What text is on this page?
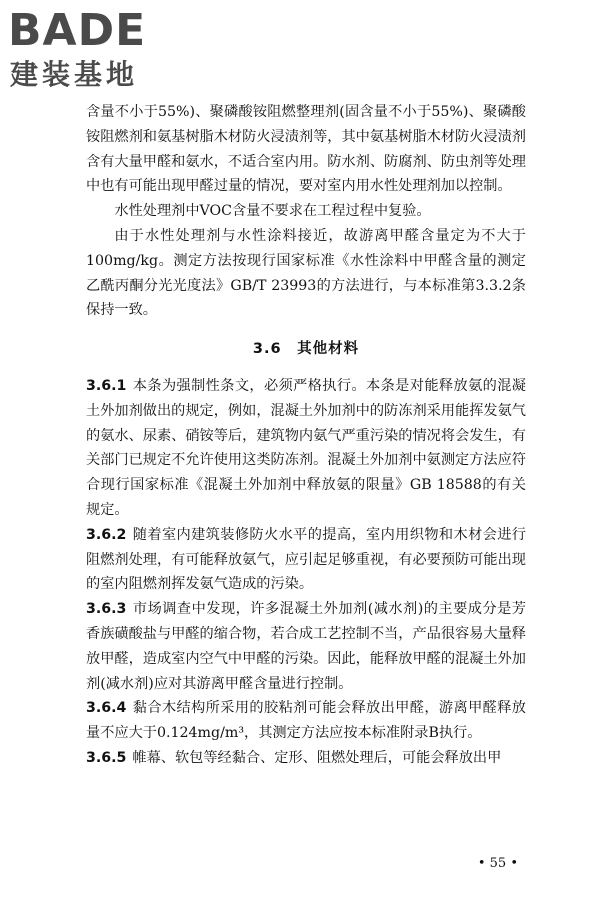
BADE
建装基地

含量不小于55%)、聚磷酸铵阻燃整理剂(固含量不小于55%)、聚磷酸铵阻燃剂和氨基树脂木材防火浸渍剂等，其中氨基树脂木材防火浸渍剂含有大量甲醛和氨水，不适合室内用。防水剂、防腐剂、防虫剂等处理中也有可能出现甲醛过量的情况，要对室内用水性处理剂加以控制。

水性处理剂中VOC含量不要求在工程过程中复验。

由于水性处理剂与水性涂料接近，故游离甲醛含量定为不大于100mg/kg。测定方法按现行国家标准《水性涂料中甲醛含量的测定　乙酰丙酮分光光度法》GB/T 23993的方法进行，与本标准第3.3.2条保持一致。

3.6　其他材料

3.6.1 本条为强制性条文，必须严格执行。本条是对能释放氨的混凝土外加剂做出的规定，例如，混凝土外加剂中的防冻剂采用能挥发氨气的氨水、尿素、硝铵等后，建筑物内氨气严重污染的情况将会发生，有关部门已规定不允许使用这类防冻剂。混凝土外加剂中氨测定方法应符合现行国家标准《混凝土外加剂中释放氨的限量》GB 18588的有关规定。

3.6.2 随着室内建筑装修防火水平的提高，室内用织物和木材会进行阻燃剂处理，有可能释放氨气，应引起足够重视，有必要预防可能出现的室内阻燃剂挥发氨气造成的污染。

3.6.3 市场调查中发现，许多混凝土外加剂(减水剂)的主要成分是芳香族磺酸盐与甲醛的缩合物，若合成工艺控制不当，产品很容易大量释放甲醛，造成室内空气中甲醛的污染。因此，能释放甲醛的混凝土外加剂(减水剂)应对其游离甲醛含量进行控制。

3.6.4 黏合木结构所采用的胶粘剂可能会释放出甲醛，游离甲醛释放量不应大于0.124mg/m³，其测定方法应按本标准附录B执行。

3.6.5 帷幕、软包等经黏合、定形、阻燃处理后，可能会释放出甲

• 55 •
